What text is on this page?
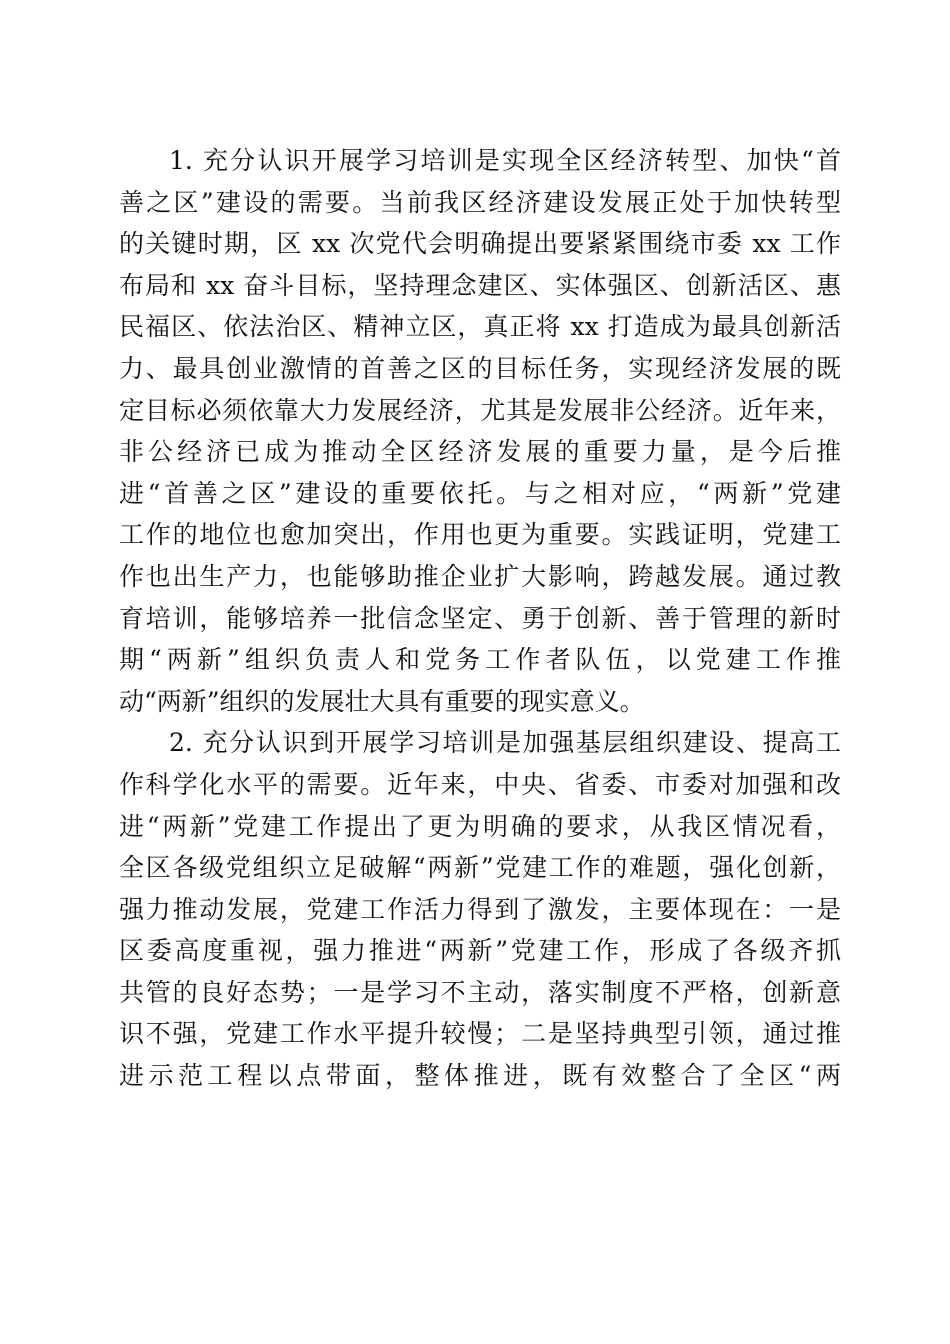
1. 充分认识开展学习培训是实现全区经济转型、加快“首
善之区”建设的需要。当前我区经济建设发展正处于加快转型
的关键时期，区 xx 次党代会明确提出要紧紧围绕市委 xx 工作
布局和 xx 奋斗目标，坚持理念建区、实体强区、创新活区、惠
民福区、依法治区、精神立区，真正将 xx 打造成为最具创新活
力、最具创业激情的首善之区的目标任务，实现经济发展的既
定目标必须依靠大力发展经济，尤其是发展非公经济。近年来，
非公经济已成为推动全区经济发展的重要力量，是今后推
进“首善之区”建设的重要依托。与之相对应，“两新”党建
工作的地位也愈加突出，作用也更为重要。实践证明，党建工
作也出生产力，也能够助推企业扩大影响，跨越发展。通过教
育培训，能够培养一批信念坚定、勇于创新、善于管理的新时
期“两新”组织负责人和党务工作者队伍，以党建工作推
动“两新”组织的发展壮大具有重要的现实意义。
2. 充分认识到开展学习培训是加强基层组织建设、提高工
作科学化水平的需要。近年来，中央、省委、市委对加强和改
进“两新”党建工作提出了更为明确的要求，从我区情况看，
全区各级党组织立足破解“两新”党建工作的难题，强化创新，
强力推动发展，党建工作活力得到了激发，主要体现在：一是
区委高度重视，强力推进“两新”党建工作，形成了各级齐抓
共管的良好态势；一是学习不主动，落实制度不严格，创新意
识不强，党建工作水平提升较慢；二是坚持典型引领，通过推
进示范工程以点带面，整体推进，既有效整合了全区“两
